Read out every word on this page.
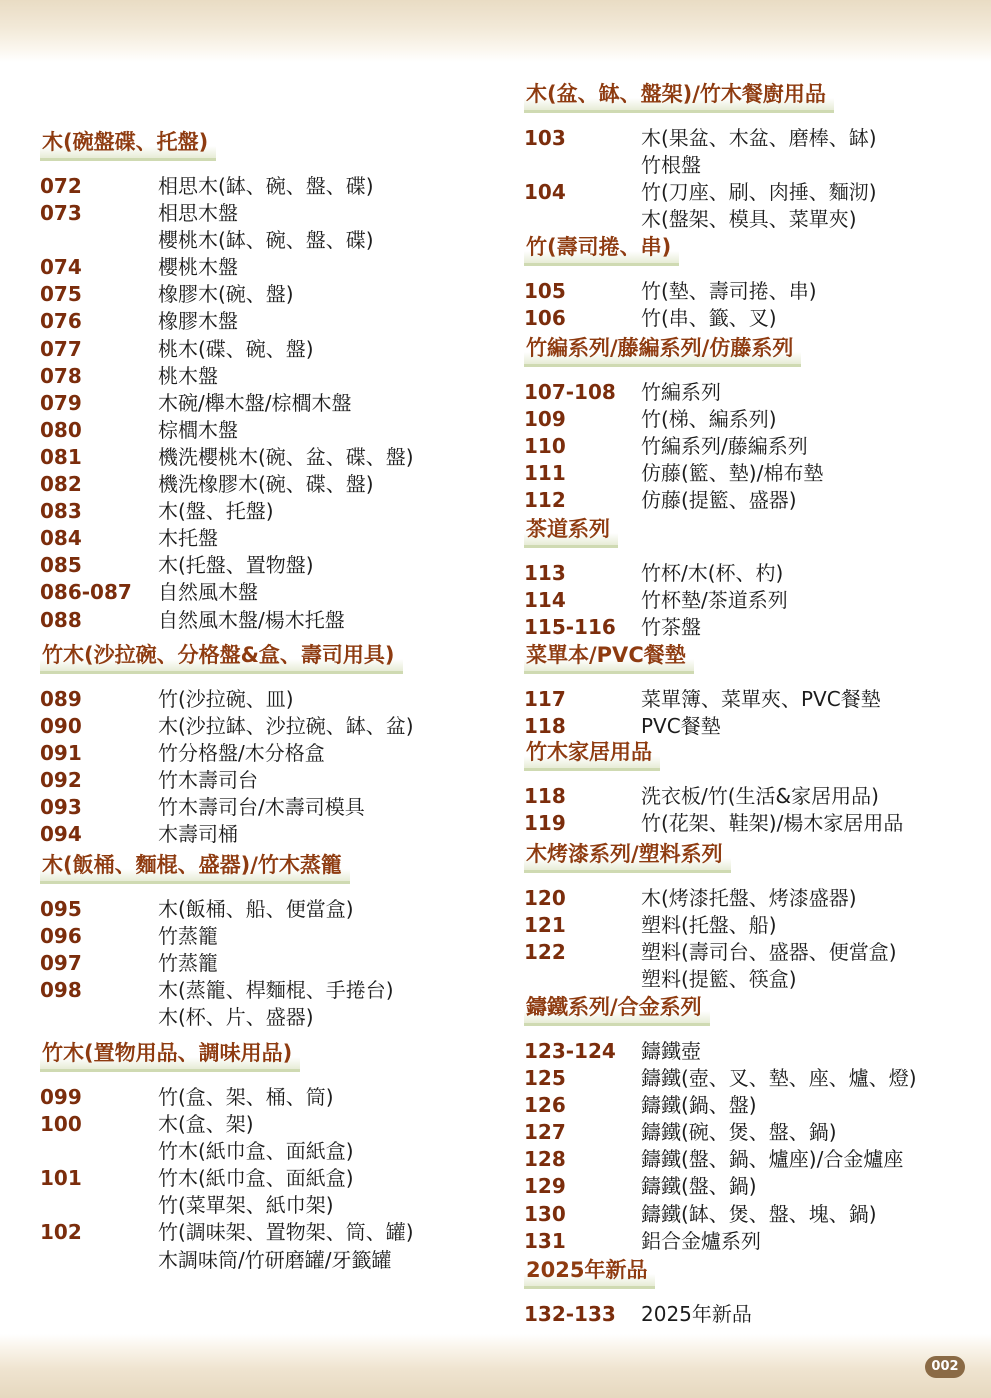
木(碗盤碟、托盤)
072	相思木(缽、碗、盤、碟)
073	相思木盤
櫻桃木(缽、碗、盤、碟)
074	櫻桃木盤
075	橡膠木(碗、盤)
076	橡膠木盤
077	桃木(碟、碗、盤)
078	桃木盤
079	木碗/櫸木盤/棕櫚木盤
080	棕櫚木盤
081	機洗櫻桃木(碗、盆、碟、盤)
082	機洗橡膠木(碗、碟、盤)
083	木(盤、托盤)
084	木托盤
085	木(托盤、置物盤)
086-087 自然風木盤
088	自然風木盤/楊木托盤
竹木(沙拉碗、分格盤&盒、壽司用具)
089	竹(沙拉碗、皿)
090	木(沙拉缽、沙拉碗、缽、盆)
091	竹分格盤/木分格盒
092	竹木壽司台
093	竹木壽司台/木壽司模具
094	木壽司桶
木(飯桶、麵棍、盛器)/竹木蒸籠
095	木(飯桶、船、便當盒)
096	竹蒸籠
097	竹蒸籠
098	木(蒸籠、桿麵棍、手捲台)
木(杯、片、盛器)
竹木(置物用品、調味用品)
099	竹(盒、架、桶、筒)
100	木(盒、架)
竹木(紙巾盒、面紙盒)
101	竹木(紙巾盒、面紙盒)
竹(菜單架、紙巾架)
102	竹(調味架、置物架、筒、罐)
木調味筒/竹研磨罐/牙籤罐
木(盆、缽、盤架)/竹木餐廚用品
103	木(果盆、木盆、磨棒、缽)
竹根盤
104	竹(刀座、刷、肉捶、麵沏)
木(盤架、模具、菜單夾)
竹(壽司捲、串)
105	竹(墊、壽司捲、串)
106	竹(串、籤、叉)
竹編系列/藤編系列/仿藤系列
107-108 竹編系列
109	竹(梯、編系列)
110	竹編系列/藤編系列
111	仿藤(籃、墊)/棉布墊
112	仿藤(提籃、盛器)
茶道系列
113	竹杯/木(杯、杓)
114	竹杯墊/茶道系列
115-116 竹茶盤
菜單本/PVC餐墊
117	菜單簿、菜單夾、PVC餐墊
118	PVC餐墊
竹木家居用品
118	洗衣板/竹(生活&家居用品)
119	竹(花架、鞋架)/楊木家居用品
木烤漆系列/塑料系列
120	木(烤漆托盤、烤漆盛器)
121	塑料(托盤、船)
122	塑料(壽司台、盛器、便當盒)
塑料(提籃、筷盒)
鑄鐵系列/合金系列
123-124 鑄鐵壺
125	鑄鐵(壺、叉、墊、座、爐、燈)
126	鑄鐵(鍋、盤)
127	鑄鐵(碗、煲、盤、鍋)
128	鑄鐵(盤、鍋、爐座)/合金爐座
129	鑄鐵(盤、鍋)
130	鑄鐵(缽、煲、盤、塊、鍋)
131	鋁合金爐系列
2025年新品
132-133 2025年新品
002
